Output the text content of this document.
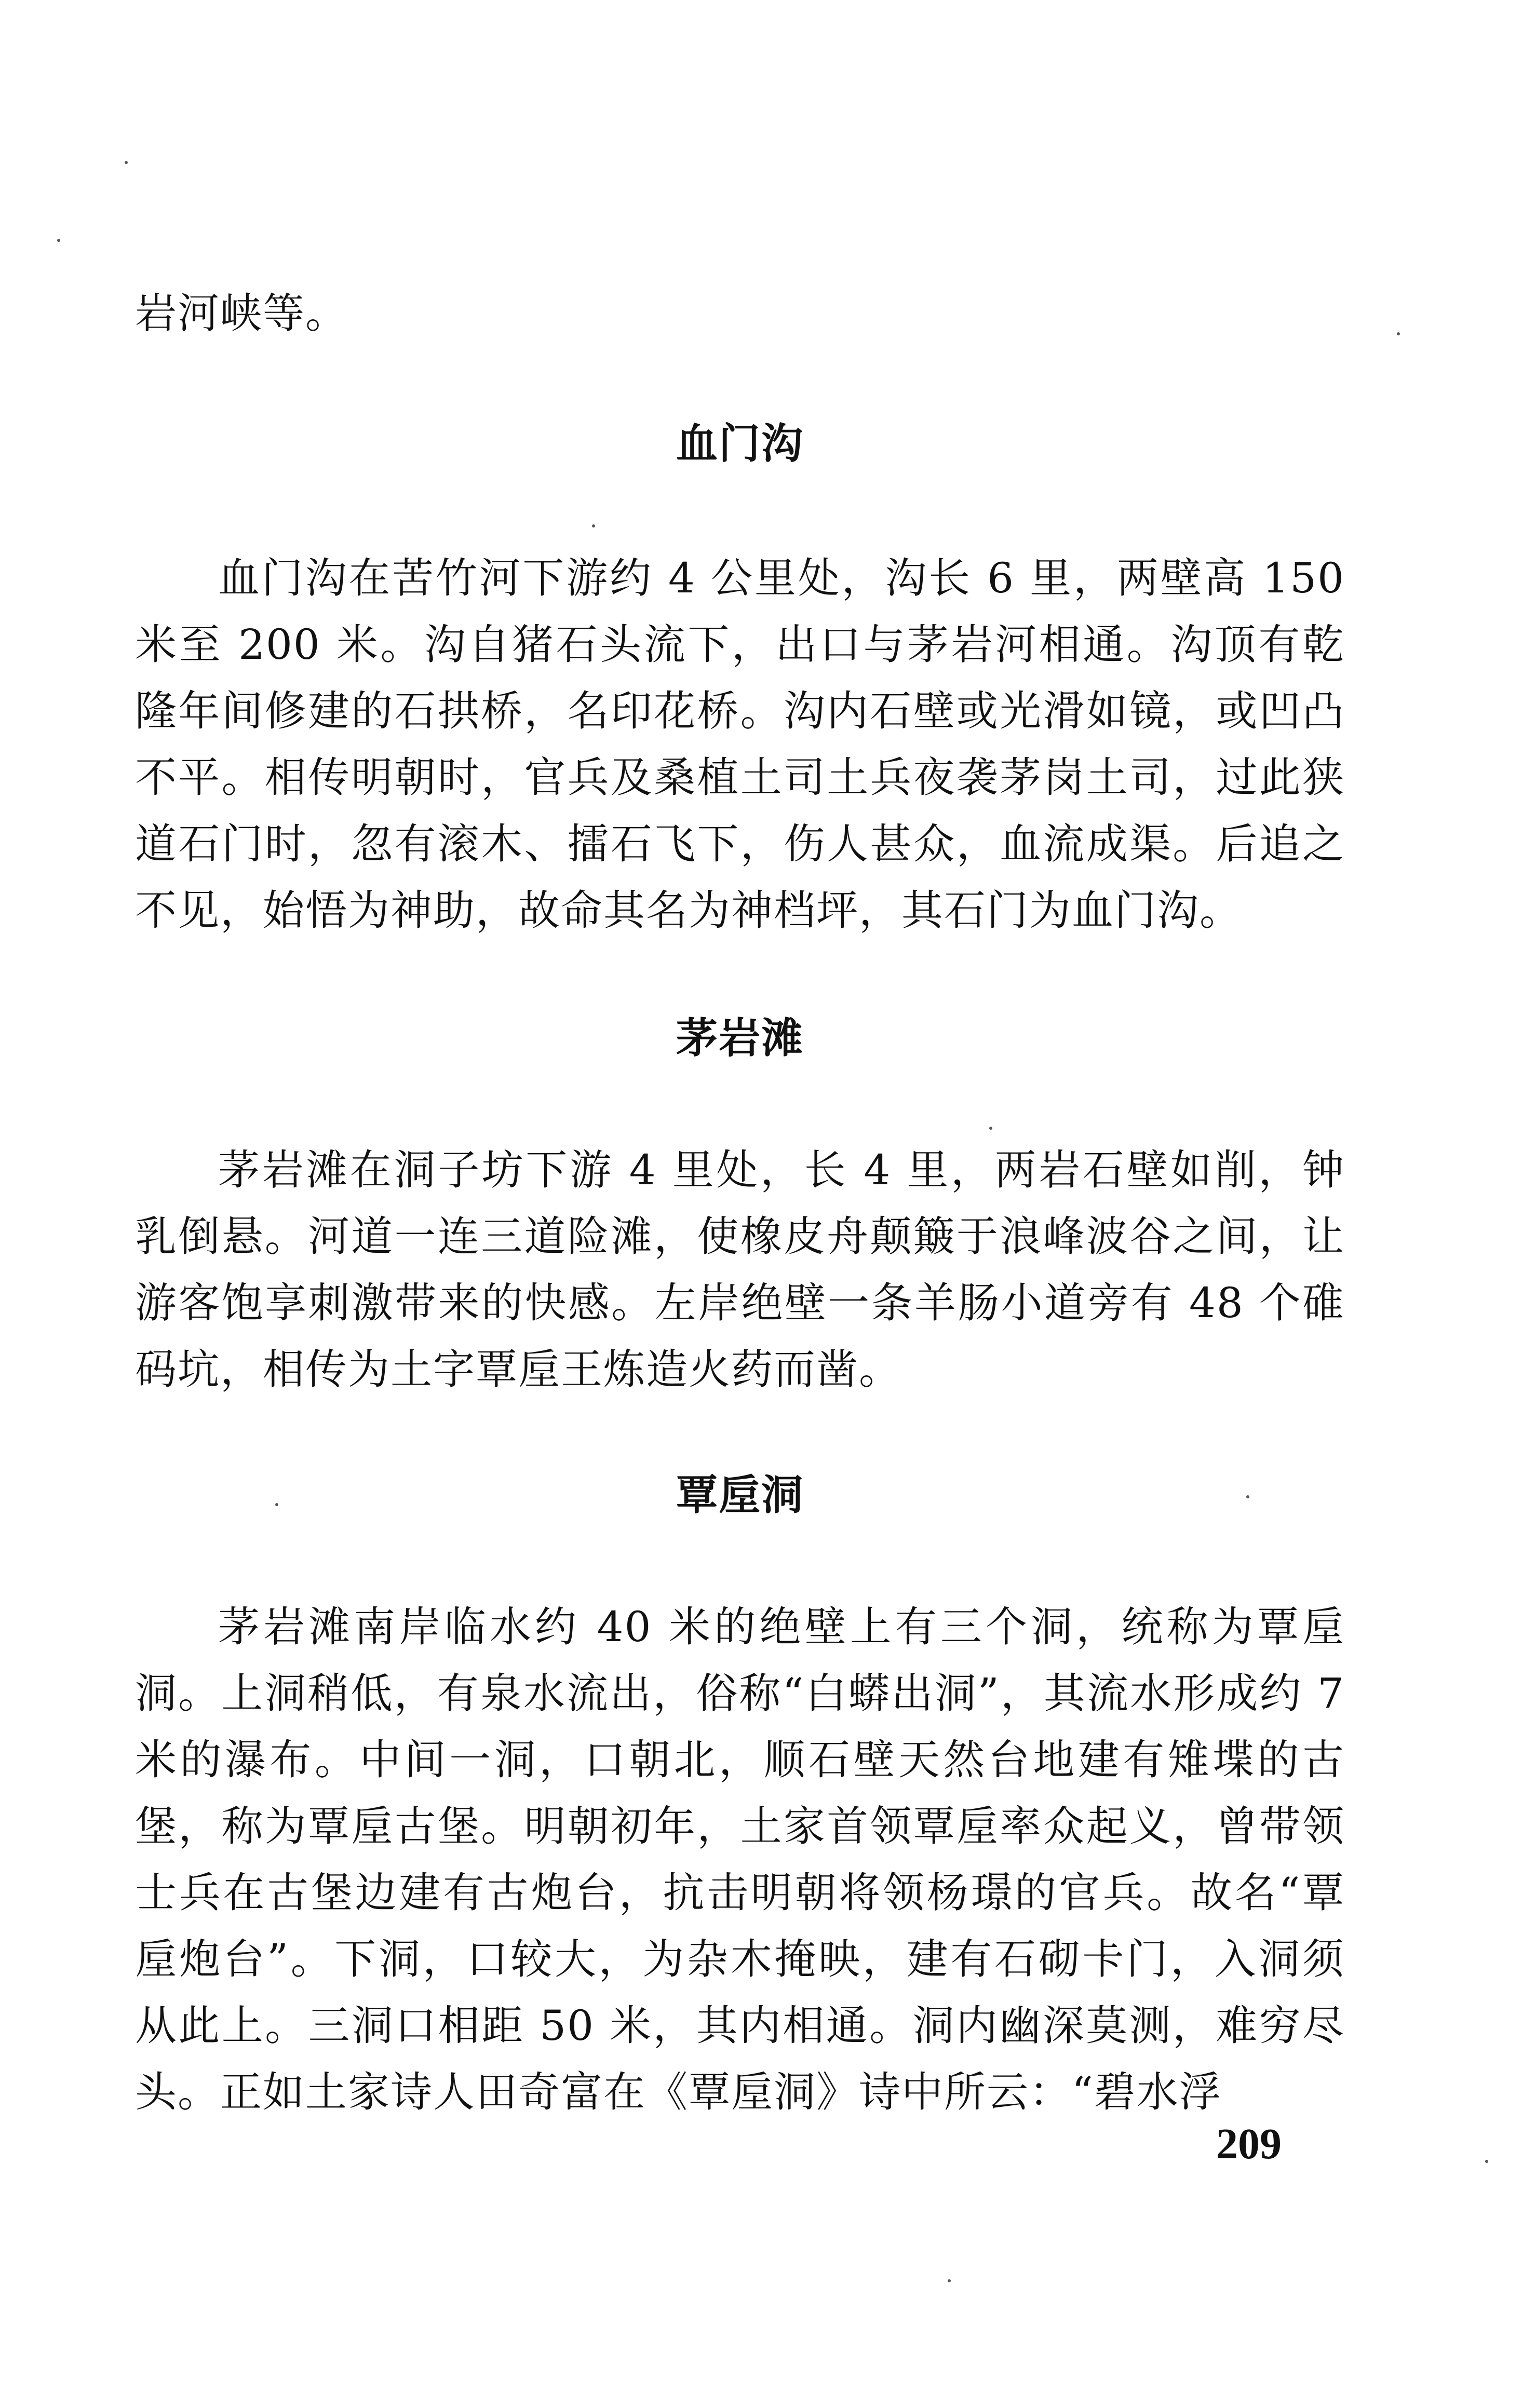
岩河峡等。

血门沟

血门沟在苦竹河下游约 4 公里处，沟长 6 里，两壁高 150 米至 200 米。沟自猪石头流下，出口与茅岩河相通。沟顶有乾隆年间修建的石拱桥，名印花桥。沟内石壁或光滑如镜，或凹凸不平。相传明朝时，官兵及桑植土司土兵夜袭茅岗土司，过此狭道石门时，忽有滚木、擂石飞下，伤人甚众，血流成渠。后追之不见，始悟为神助，故命其名为神档坪，其石门为血门沟。

茅岩滩

茅岩滩在洞子坊下游 4 里处，长 4 里，两岩石壁如削，钟乳倒悬。河道一连三道险滩，使橡皮舟颠簸于浪峰波谷之间，让游客饱享刺激带来的快感。左岸绝壁一条羊肠小道旁有 48 个碓码坑，相传为土字覃垕王炼造火药而凿。

覃垕洞

茅岩滩南岸临水约 40 米的绝壁上有三个洞，统称为覃垕洞。上洞稍低，有泉水流出，俗称“白蟒出洞”，其流水形成约 7 米的瀑布。中间一洞，口朝北，顺石壁天然台地建有雉堞的古堡，称为覃垕古堡。明朝初年，土家首领覃垕率众起义，曾带领士兵在古堡边建有古炮台，抗击明朝将领杨璟的官兵。故名“覃垕炮台”。下洞，口较大，为杂木掩映，建有石砌卡门，入洞须从此上。三洞口相距 50 米，其内相通。洞内幽深莫测，难穷尽头。正如土家诗人田奇富在《覃垕洞》诗中所云：“碧水浮

209
